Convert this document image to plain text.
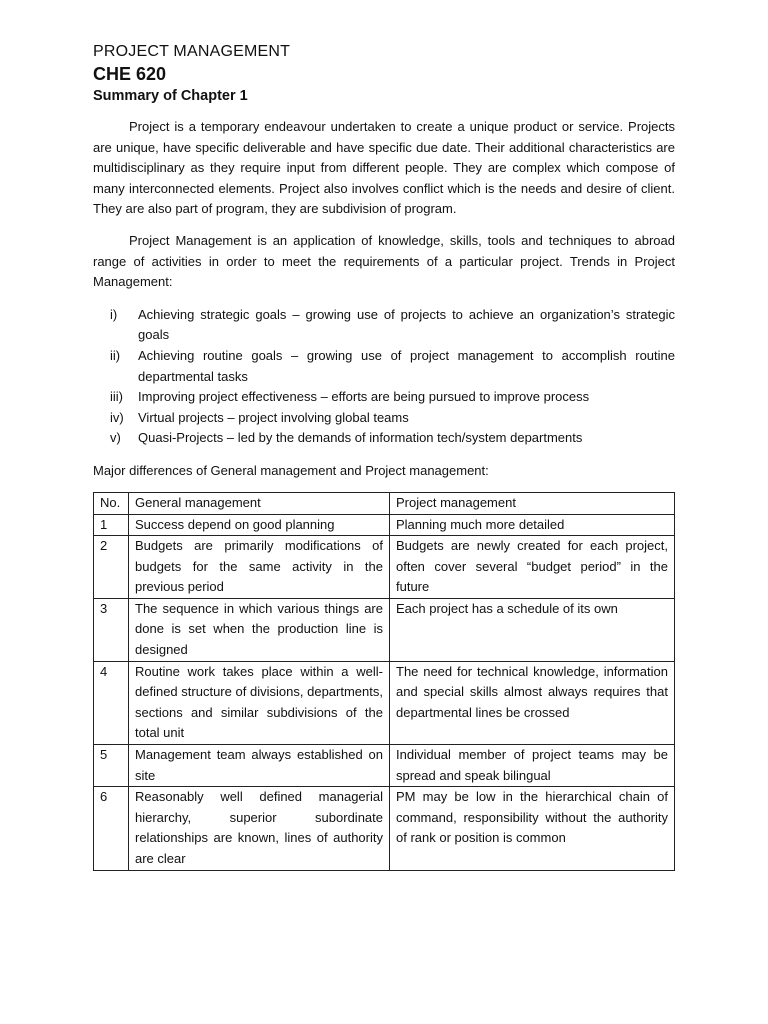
PROJECT MANAGEMENT
CHE 620
Summary of Chapter 1

Project is a temporary endeavour undertaken to create a unique product or service. Projects are unique, have specific deliverable and have specific due date. Their additional characteristics are multidisciplinary as they require input from different people. They are complex which compose of many interconnected elements. Project also involves conflict which is the needs and desire of client. They are also part of program, they are subdivision of program.

Project Management is an application of knowledge, skills, tools and techniques to abroad range of activities in order to meet the requirements of a particular project. Trends in Project Management:

i) Achieving strategic goals – growing use of projects to achieve an organization’s strategic goals
ii) Achieving routine goals – growing use of project management to accomplish routine departmental tasks
iii) Improving project effectiveness – efforts are being pursued to improve process
iv) Virtual projects – project involving global teams
v) Quasi-Projects – led by the demands of information tech/system departments
Major differences of General management and Project management:
No.	General management	Project management
1	Success depend on good planning	Planning much more detailed
2	Budgets are primarily modifications of budgets for the same activity in the previous period	Budgets are newly created for each project, often cover several “budget period” in the future
3	The sequence in which various things are done is set when the production line is designed	Each project has a schedule of its own
4	Routine work takes place within a well-defined structure of divisions, departments, sections and similar subdivisions of the total unit	The need for technical knowledge, information and special skills almost always requires that departmental lines be crossed
5	Management team always established on site	Individual member of project teams may be spread and speak bilingual
6	Reasonably well defined managerial hierarchy, superior subordinate relationships are known, lines of authority are clear	PM may be low in the hierarchical chain of command, responsibility without the authority of rank or position is common
